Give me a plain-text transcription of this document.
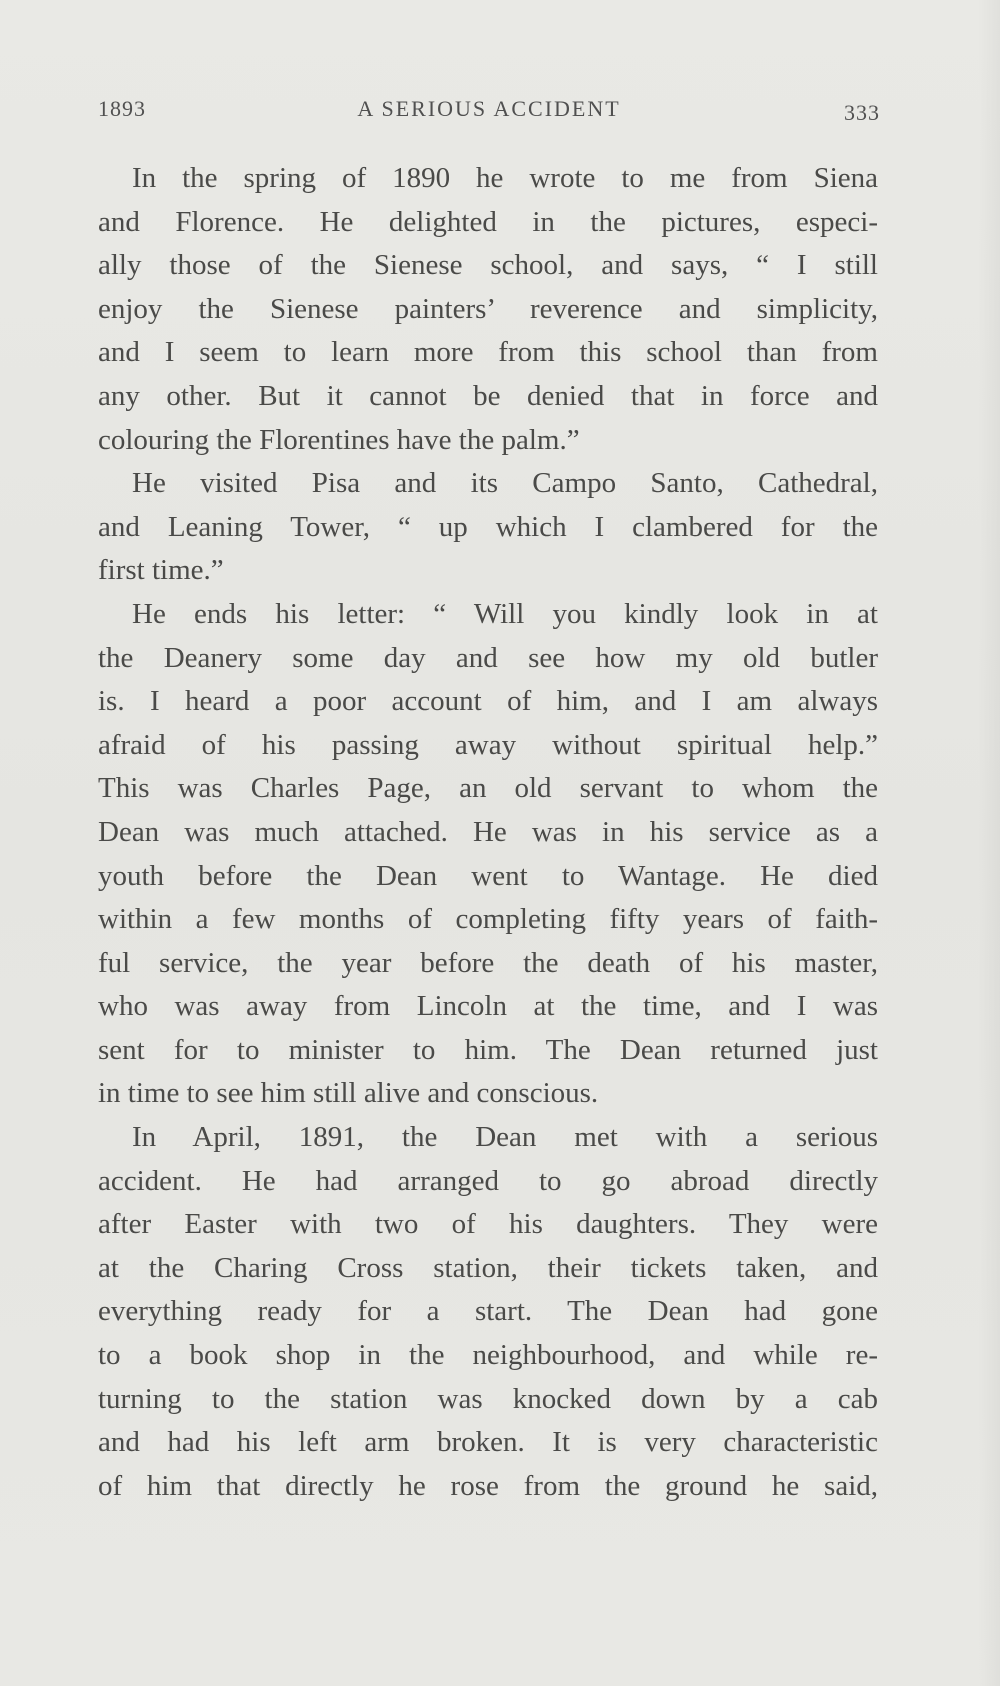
1893	A SERIOUS ACCIDENT	333
In the spring of 1890 he wrote to me from Siena
and Florence. He delighted in the pictures, especi-
ally those of the Sienese school, and says, “ I still
enjoy the Sienese painters’ reverence and simplicity,
and I seem to learn more from this school than from
any other. But it cannot be denied that in force and
colouring the Florentines have the palm.”
He visited Pisa and its Campo Santo, Cathedral,
and Leaning Tower, “ up which I clambered for the
first time.”
He ends his letter: “ Will you kindly look in at
the Deanery some day and see how my old butler
is. I heard a poor account of him, and I am always
afraid of his passing away without spiritual help.”
This was Charles Page, an old servant to whom the
Dean was much attached. He was in his service as a
youth before the Dean went to Wantage. He died
within a few months of completing fifty years of faith-
ful service, the year before the death of his master,
who was away from Lincoln at the time, and I was
sent for to minister to him. The Dean returned just
in time to see him still alive and conscious.
In April, 1891, the Dean met with a serious
accident. He had arranged to go abroad directly
after Easter with two of his daughters. They were
at the Charing Cross station, their tickets taken, and
everything ready for a start. The Dean had gone
to a book shop in the neighbourhood, and while re-
turning to the station was knocked down by a cab
and had his left arm broken. It is very characteristic
of him that directly he rose from the ground he said,
